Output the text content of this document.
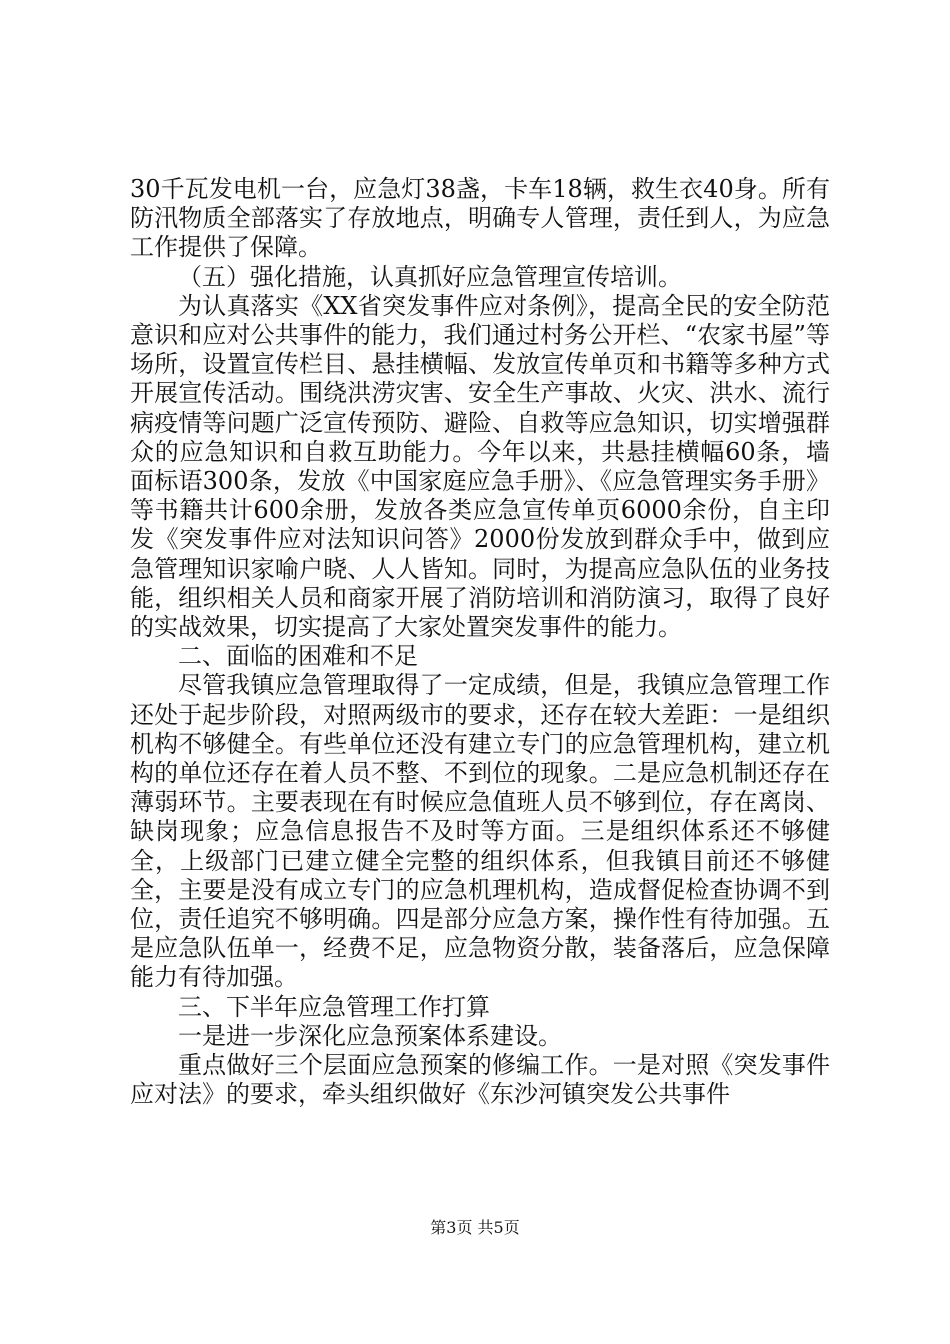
30千瓦发电机一台，应急灯38盏，卡车18辆，救生衣40身。所有防汛物质全部落实了存放地点，明确专人管理，责任到人，为应急工作提供了保障。

（五）强化措施，认真抓好应急管理宣传培训。

为认真落实《XX省突发事件应对条例》，提高全民的安全防范意识和应对公共事件的能力，我们通过村务公开栏、“农家书屋”等场所，设置宣传栏目、悬挂横幅、发放宣传单页和书籍等多种方式开展宣传活动。围绕洪涝灾害、安全生产事故、火灾、洪水、流行病疫情等问题广泛宣传预防、避险、自救等应急知识，切实增强群众的应急知识和自救互助能力。今年以来，共悬挂横幅60条，墙面标语300条，发放《中国家庭应急手册》、《应急管理实务手册》等书籍共计600余册，发放各类应急宣传单页6000余份，自主印发《突发事件应对法知识问答》2000份发放到群众手中，做到应急管理知识家喻户晓、人人皆知。同时，为提高应急队伍的业务技能，组织相关人员和商家开展了消防培训和消防演习，取得了良好的实战效果，切实提高了大家处置突发事件的能力。

二、面临的困难和不足

尽管我镇应急管理取得了一定成绩，但是，我镇应急管理工作还处于起步阶段，对照两级市的要求，还存在较大差距：一是组织机构不够健全。有些单位还没有建立专门的应急管理机构，建立机构的单位还存在着人员不整、不到位的现象。二是应急机制还存在薄弱环节。主要表现在有时候应急值班人员不够到位，存在离岗、缺岗现象；应急信息报告不及时等方面。三是组织体系还不够健全，上级部门已建立健全完整的组织体系，但我镇目前还不够健全，主要是没有成立专门的应急机理机构，造成督促检查协调不到位，责任追究不够明确。四是部分应急方案，操作性有待加强。五是应急队伍单一，经费不足，应急物资分散，装备落后，应急保障能力有待加强。

三、下半年应急管理工作打算

一是进一步深化应急预案体系建设。

重点做好三个层面应急预案的修编工作。一是对照《突发事件应对法》的要求，牵头组织做好《东沙河镇突发公共事件

第3页 共5页
